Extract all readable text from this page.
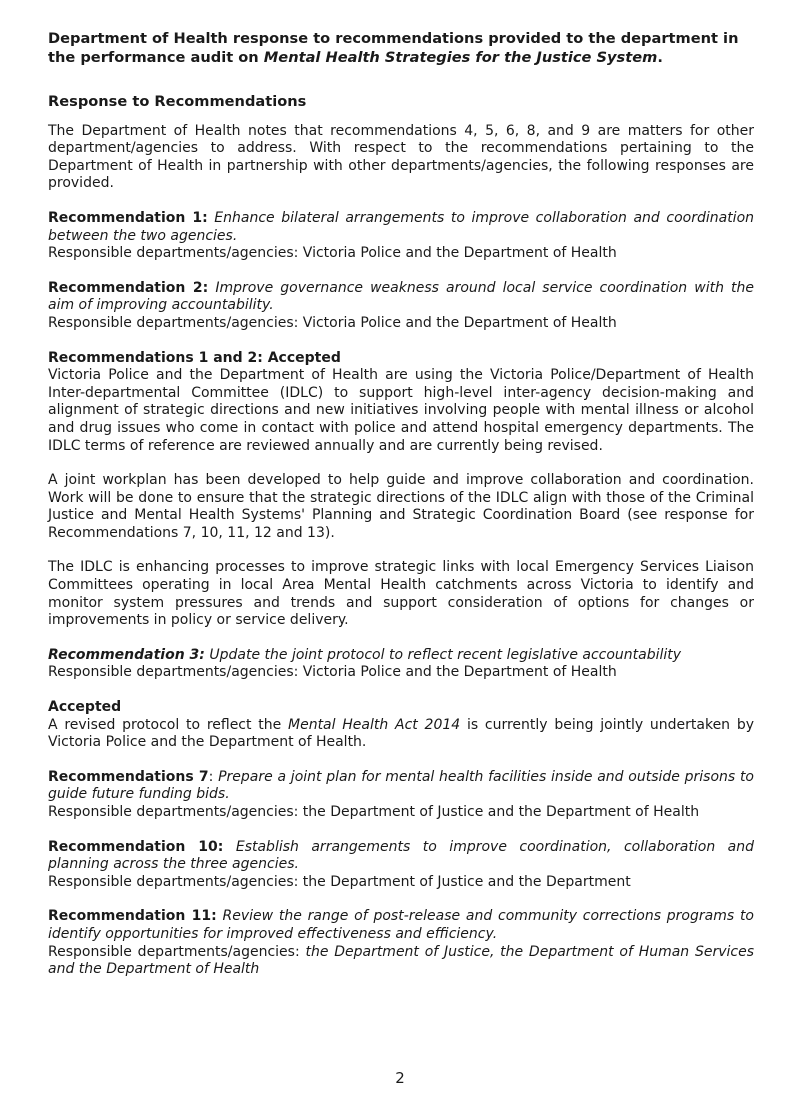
Department of Health response to recommendations provided to the department in the performance audit on Mental Health Strategies for the Justice System.
Response to Recommendations

The Department of Health notes that recommendations 4, 5, 6, 8, and 9 are matters for other department/agencies to address. With respect to the recommendations pertaining to the Department of Health in partnership with other departments/agencies, the following responses are provided.

Recommendation 1: Enhance bilateral arrangements to improve collaboration and coordination between the two agencies.
Responsible departments/agencies: Victoria Police and the Department of Health
Recommendation 2: Improve governance weakness around local service coordination with the aim of improving accountability.
Responsible departments/agencies: Victoria Police and the Department of Health
Recommendations 1 and 2: Accepted
Victoria Police and the Department of Health are using the Victoria Police/Department of Health Inter-departmental Committee (IDLC) to support high-level inter-agency decision-making and alignment of strategic directions and new initiatives involving people with mental illness or alcohol and drug issues who come in contact with police and attend hospital emergency departments. The IDLC terms of reference are reviewed annually and are currently being revised.

A joint workplan has been developed to help guide and improve collaboration and coordination. Work will be done to ensure that the strategic directions of the IDLC align with those of the Criminal Justice and Mental Health Systems' Planning and Strategic Coordination Board (see response for Recommendations 7, 10, 11, 12 and 13).

The IDLC is enhancing processes to improve strategic links with local Emergency Services Liaison Committees operating in local Area Mental Health catchments across Victoria to identify and monitor system pressures and trends and support consideration of options for changes or improvements in policy or service delivery.

Recommendation 3: Update the joint protocol to reflect recent legislative accountability
Responsible departments/agencies: Victoria Police and the Department of Health
Accepted
A revised protocol to reflect the Mental Health Act 2014 is currently being jointly undertaken by Victoria Police and the Department of Health.
Recommendations 7: Prepare a joint plan for mental health facilities inside and outside prisons to guide future funding bids.
Responsible departments/agencies: the Department of Justice and the Department of Health
Recommendation 10: Establish arrangements to improve coordination, collaboration and planning across the three agencies.
Responsible departments/agencies: the Department of Justice and the Department
Recommendation 11: Review the range of post-release and community corrections programs to identify opportunities for improved effectiveness and efficiency.
Responsible departments/agencies: the Department of Justice, the Department of Human Services and the Department of Health
2
